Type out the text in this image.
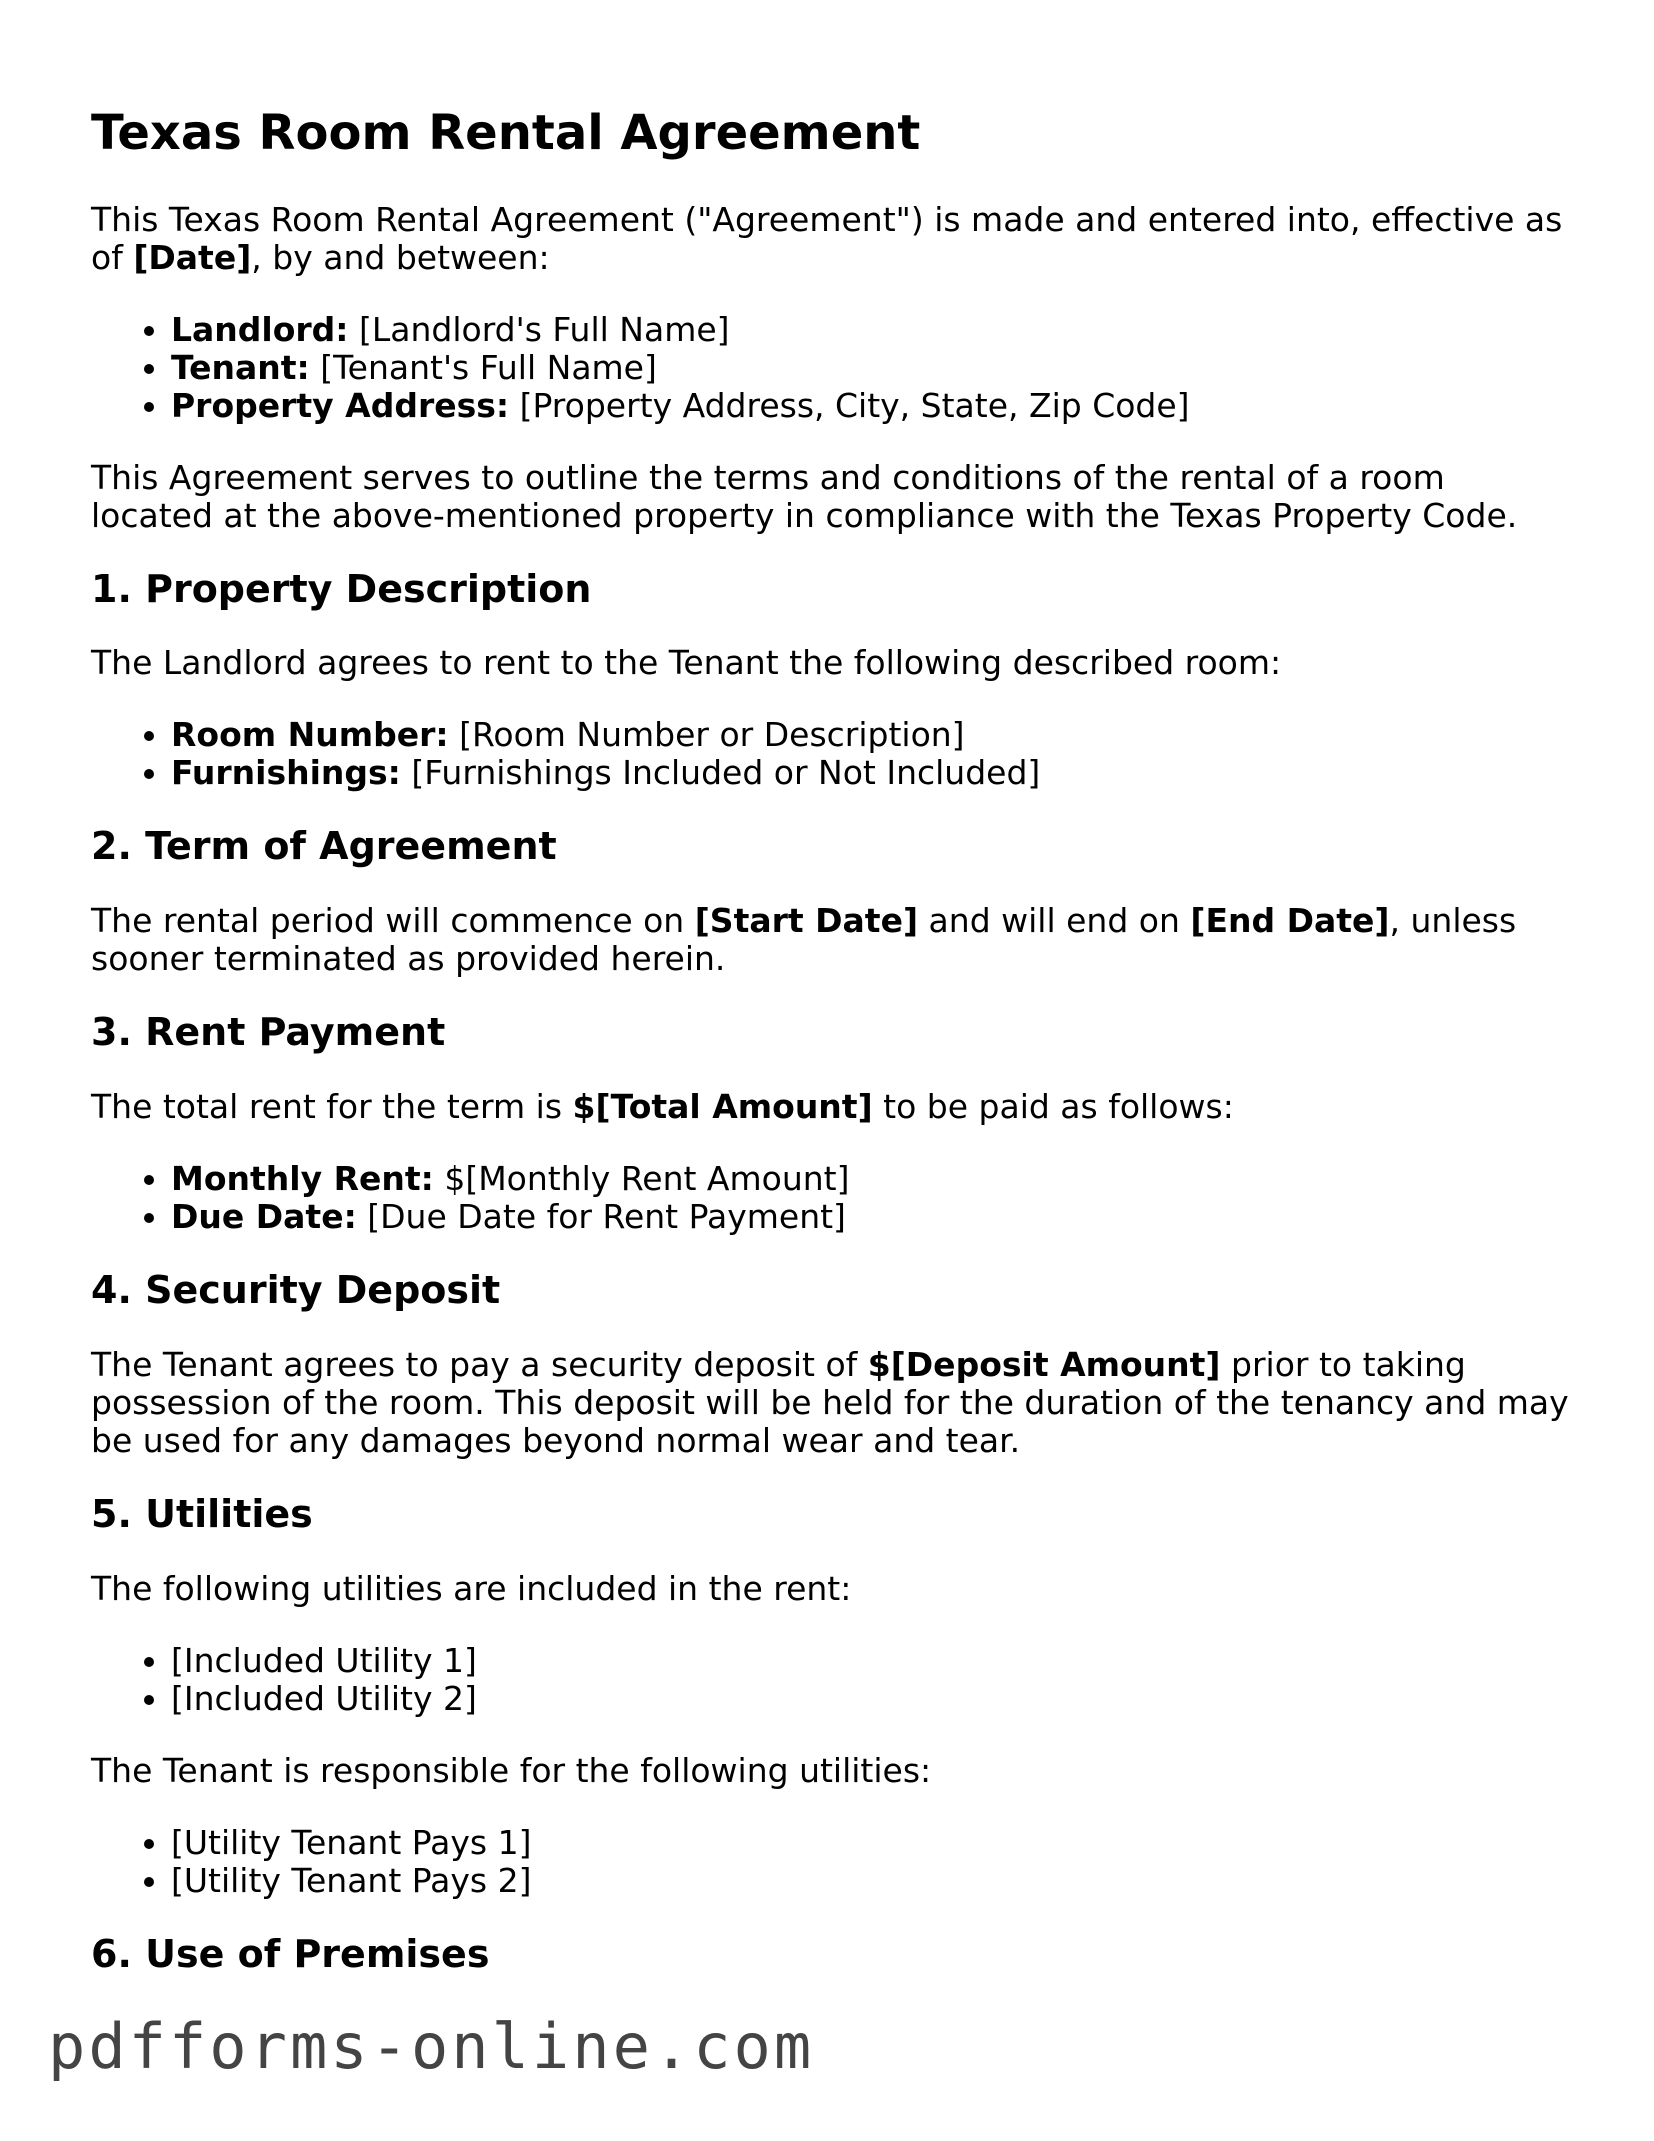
Texas Room Rental Agreement

This Texas Room Rental Agreement ("Agreement") is made and entered into, effective as of [Date], by and between:

• Landlord: [Landlord's Full Name]
• Tenant: [Tenant's Full Name]
• Property Address: [Property Address, City, State, Zip Code]

This Agreement serves to outline the terms and conditions of the rental of a room located at the above-mentioned property in compliance with the Texas Property Code.

1. Property Description

The Landlord agrees to rent to the Tenant the following described room:

• Room Number: [Room Number or Description]
• Furnishings: [Furnishings Included or Not Included]
2. Term of Agreement

The rental period will commence on [Start Date] and will end on [End Date], unless sooner terminated as provided herein.

3. Rent Payment

The total rent for the term is $[Total Amount] to be paid as follows:

• Monthly Rent: $[Monthly Rent Amount]
• Due Date: [Due Date for Rent Payment]
4. Security Deposit

The Tenant agrees to pay a security deposit of $[Deposit Amount] prior to taking possession of the room. This deposit will be held for the duration of the tenancy and may be used for any damages beyond normal wear and tear.

5. Utilities

The following utilities are included in the rent:

• [Included Utility 1]
• [Included Utility 2]

The Tenant is responsible for the following utilities:

• [Utility Tenant Pays 1]
• [Utility Tenant Pays 2]
6. Use of Premises
pdfforms-online.com
